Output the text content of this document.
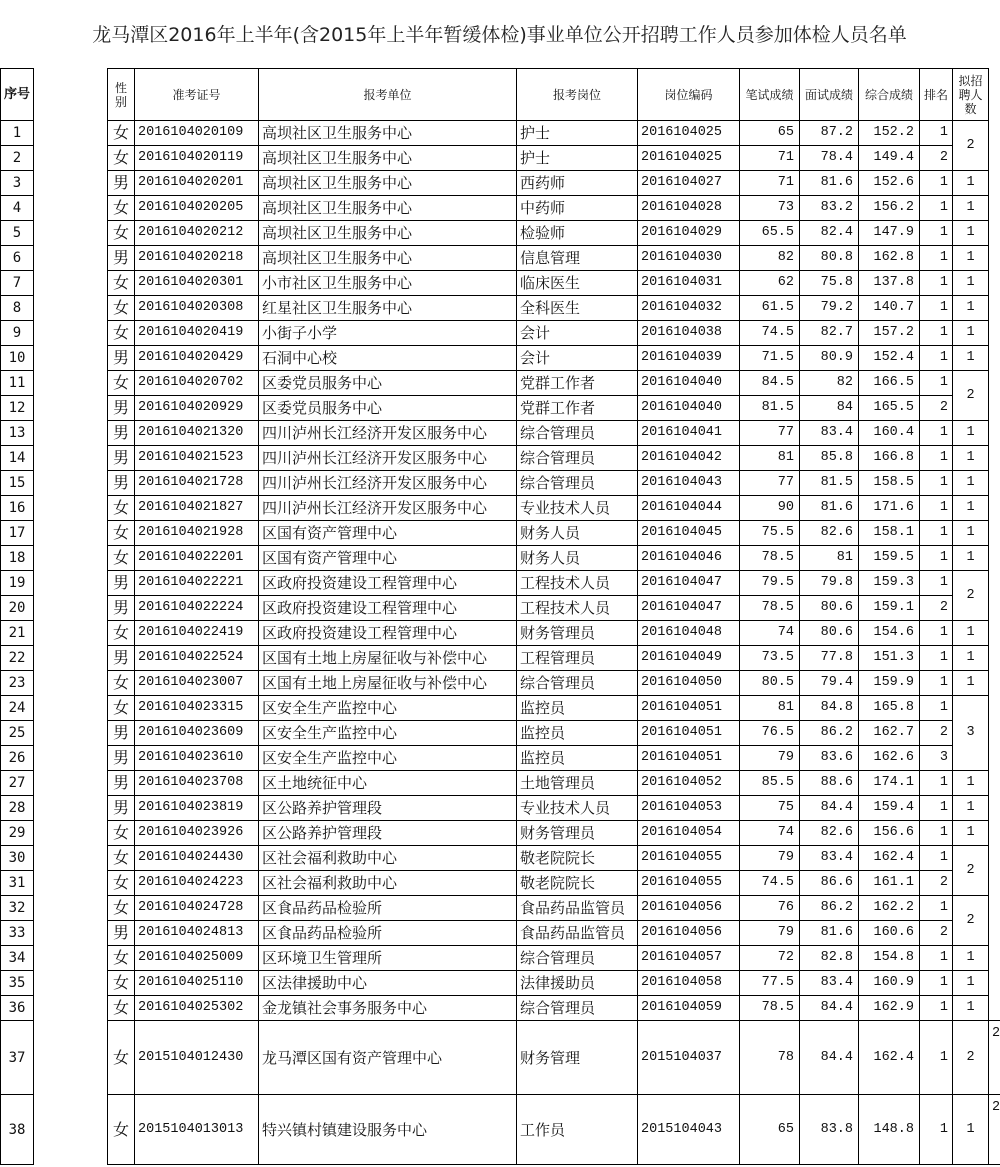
龙马潭区2016年上半年(含2015年上半年暂缓体检)事业单位公开招聘工作人员参加体检人员名单
序号		性别	准考证号	报考单位	报考岗位	岗位编码	笔试成绩	面试成绩	综合成绩	排名	拟招聘人数	
1		女	2016104020109	高坝社区卫生服务中心	护士	2016104025	65	87.2	152.2	1	2	
2		女	2016104020119	高坝社区卫生服务中心	护士	2016104025	71	78.4	149.4	2		
3		男	2016104020201	高坝社区卫生服务中心	西药师	2016104027	71	81.6	152.6	1	1	
4		女	2016104020205	高坝社区卫生服务中心	中药师	2016104028	73	83.2	156.2	1	1	
5		女	2016104020212	高坝社区卫生服务中心	检验师	2016104029	65.5	82.4	147.9	1	1	
6		男	2016104020218	高坝社区卫生服务中心	信息管理	2016104030	82	80.8	162.8	1	1	
7		女	2016104020301	小市社区卫生服务中心	临床医生	2016104031	62	75.8	137.8	1	1	
8		女	2016104020308	红星社区卫生服务中心	全科医生	2016104032	61.5	79.2	140.7	1	1	
9		女	2016104020419	小街子小学	会计	2016104038	74.5	82.7	157.2	1	1	
10		男	2016104020429	石洞中心校	会计	2016104039	71.5	80.9	152.4	1	1	
11		女	2016104020702	区委党员服务中心	党群工作者	2016104040	84.5	82	166.5	1	2	
12		男	2016104020929	区委党员服务中心	党群工作者	2016104040	81.5	84	165.5	2		
13		男	2016104021320	四川泸州长江经济开发区服务中心	综合管理员	2016104041	77	83.4	160.4	1	1	
14		男	2016104021523	四川泸州长江经济开发区服务中心	综合管理员	2016104042	81	85.8	166.8	1	1	
15		男	2016104021728	四川泸州长江经济开发区服务中心	综合管理员	2016104043	77	81.5	158.5	1	1	
16		女	2016104021827	四川泸州长江经济开发区服务中心	专业技术人员	2016104044	90	81.6	171.6	1	1	
17		女	2016104021928	区国有资产管理中心	财务人员	2016104045	75.5	82.6	158.1	1	1	
18		女	2016104022201	区国有资产管理中心	财务人员	2016104046	78.5	81	159.5	1	1	
19		男	2016104022221	区政府投资建设工程管理中心	工程技术人员	2016104047	79.5	79.8	159.3	1	2	
20		男	2016104022224	区政府投资建设工程管理中心	工程技术人员	2016104047	78.5	80.6	159.1	2		
21		女	2016104022419	区政府投资建设工程管理中心	财务管理员	2016104048	74	80.6	154.6	1	1	
22		男	2016104022524	区国有土地上房屋征收与补偿中心	工程管理员	2016104049	73.5	77.8	151.3	1	1	
23		女	2016104023007	区国有土地上房屋征收与补偿中心	综合管理员	2016104050	80.5	79.4	159.9	1	1	
24		女	2016104023315	区安全生产监控中心	监控员	2016104051	81	84.8	165.8	1	3	
25		男	2016104023609	区安全生产监控中心	监控员	2016104051	76.5	86.2	162.7	2		
26		男	2016104023610	区安全生产监控中心	监控员	2016104051	79	83.6	162.6	3		
27		男	2016104023708	区土地统征中心	土地管理员	2016104052	85.5	88.6	174.1	1	1	
28		男	2016104023819	区公路养护管理段	专业技术人员	2016104053	75	84.4	159.4	1	1	
29		女	2016104023926	区公路养护管理段	财务管理员	2016104054	74	82.6	156.6	1	1	
30		女	2016104024430	区社会福利救助中心	敬老院院长	2016104055	79	83.4	162.4	1	2	
31		女	2016104024223	区社会福利救助中心	敬老院院长	2016104055	74.5	86.6	161.1	2		
32		女	2016104024728	区食品药品检验所	食品药品监管员	2016104056	76	86.2	162.2	1	2	
33		男	2016104024813	区食品药品检验所	食品药品监管员	2016104056	79	81.6	160.6	2		
34		女	2016104025009	区环境卫生管理所	综合管理员	2016104057	72	82.8	154.8	1	1	
35		女	2016104025110	区法律援助中心	法律援助员	2016104058	77.5	83.4	160.9	1	1	
36		女	2016104025302	金龙镇社会事务服务中心	综合管理员	2016104059	78.5	84.4	162.9	1	1	
37		女	2015104012430	龙马潭区国有资产管理中心	财务管理	2015104037	78	84.4	162.4	1	2	2
38		女	2015104013013	特兴镇村镇建设服务中心	工作员	2015104043	65	83.8	148.8	1	1	2
